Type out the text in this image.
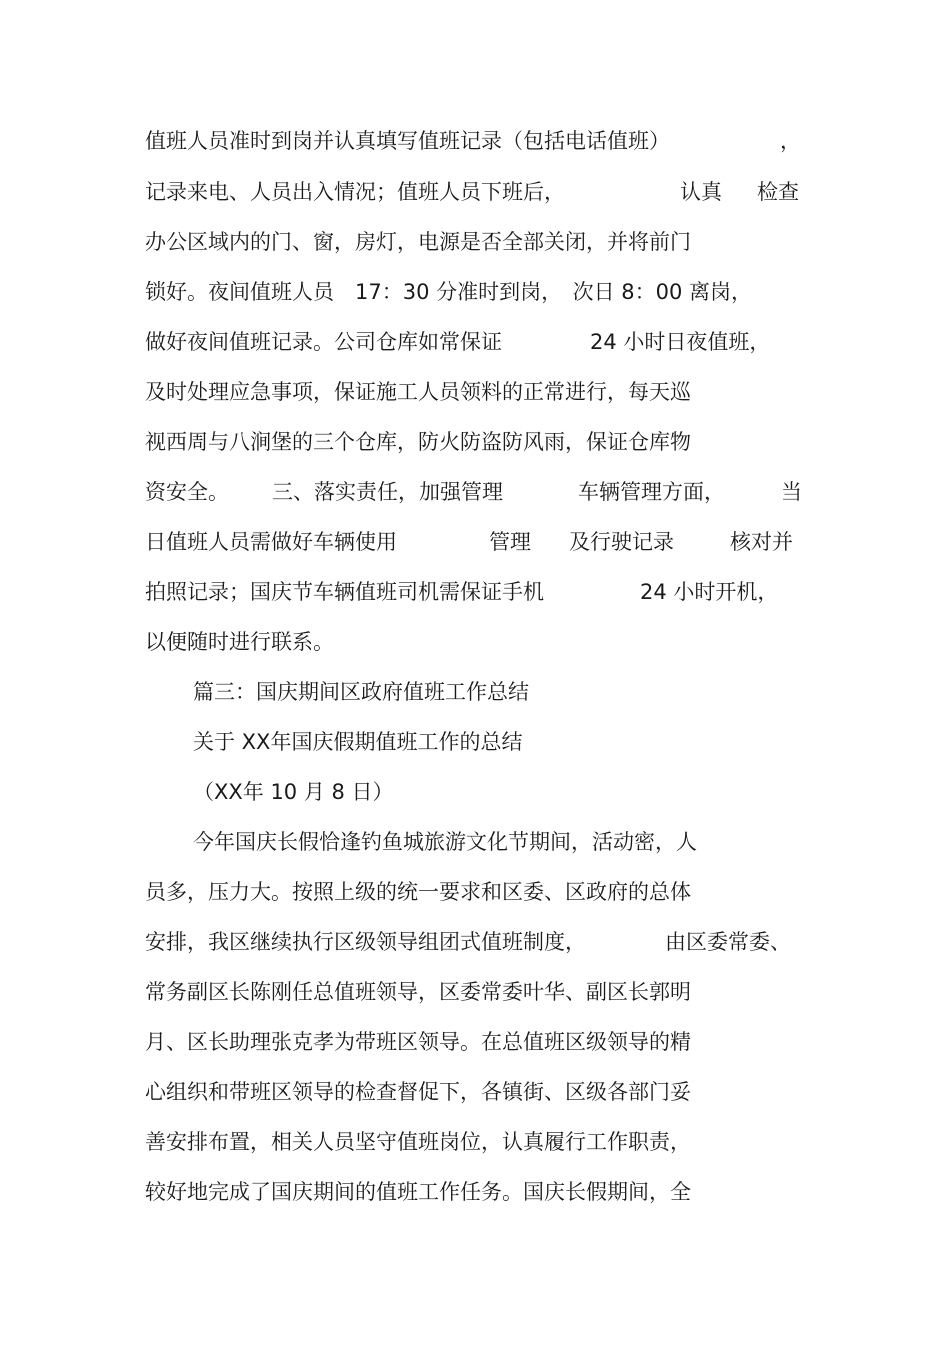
值班人员准时到岗并认真填写值班记录（包括电话值班）	，
记录来电、人员出入情况；值班人员下班后，	认真 检查
办公区域内的门、窗，房灯，电源是否全部关闭，并将前门
锁好。夜间值班人员　17：30 分准时到岗，　次日 8：00 离岗，
做好夜间值班记录。公司仓库如常保证	24 小时日夜值班，
及时处理应急事项，保证施工人员领料的正常进行，每天巡
视西周与八涧堡的三个仓库，防火防盗防风雨，保证仓库物
资安全。 三、落实责任，加强管理	车辆管理方面，	当
日值班人员需做好车辆使用	管理 及行驶记录	核对并
拍照记录；国庆节车辆值班司机需保证手机	24 小时开机，
以便随时进行联系。
篇三：国庆期间区政府值班工作总结
关于 XX年国庆假期值班工作的总结
（XX年 10 月 8 日）
今年国庆长假恰逢钓鱼城旅游文化节期间，活动密，人
员多，压力大。按照上级的统一要求和区委、区政府的总体
安排，我区继续执行区级领导组团式值班制度，	由区委常委、
常务副区长陈刚任总值班领导，区委常委叶华、副区长郭明
月、区长助理张克孝为带班区领导。在总值班区级领导的精
心组织和带班区领导的检查督促下，各镇街、区级各部门妥
善安排布置，相关人员坚守值班岗位，认真履行工作职责，
较好地完成了国庆期间的值班工作任务。国庆长假期间，全
